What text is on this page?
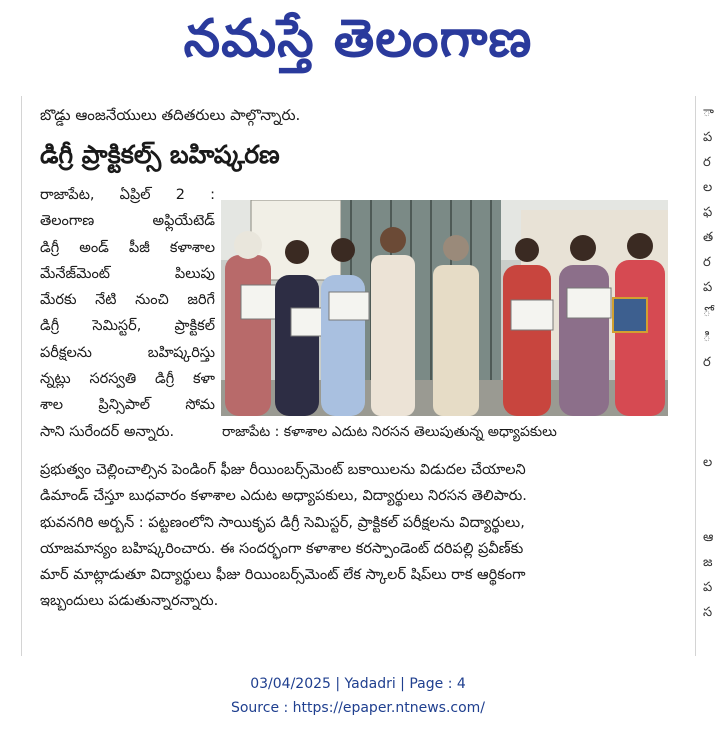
నమస్తే తెలంగాణ
ా
ప
ర
ల
ఫ
త
ర
ప
ో
ి
ర
ల
ఆ
జ
ప
స
బొడ్డు ఆంజనేయులు తదితరులు పాల్గొన్నారు.
డిగ్రీ ప్రాక్టికల్స్ బహిష్కరణ
రాజాపేట, ఏప్రిల్ 2 :
తెలంగాణ అఫ్లియేటెడ్
డిగ్రీ అండ్ పీజీ కళాశాల
మేనేజ్‌మెంట్ పిలుపు
మేరకు నేటి నుంచి జరిగే
డిగ్రీ సెమిస్టర్, ప్రాక్టికల్
పరీక్షలను బహిష్కరిస్తు
న్నట్లు సరస్వతి డిగ్రీ కళా
శాల ప్రిన్సిపాల్ సోమ
సాని సురేందర్ అన్నారు.	రాజాపేట : కళాశాల ఎదుట నిరసన తెలుపుతున్న అధ్యాపకులు
ప్రభుత్వం చెల్లించాల్సిన పెండింగ్ ఫీజు రీయింబర్స్‌మెంట్ బకాయిలను విడుదల చేయాలని
డిమాండ్ చేస్తూ బుధవారం కళాశాల ఎదుట అధ్యాపకులు, విద్యార్థులు నిరసన తెలిపారు.
భువనగిరి అర్బన్ : పట్టణంలోని సాయికృప డిగ్రీ సెమిస్టర్, ప్రాక్టికల్ పరీక్షలను విద్యార్థులు,
యాజమాన్యం బహిష్కరించారు. ఈ సందర్భంగా కళాశాల కరస్పాండెంట్ దరిపల్లి ప్రవీణ్‌కు
మార్ మాట్లాడుతూ విద్యార్థులు ఫీజు రియింబర్స్‌మెంట్ లేక స్కాలర్ షిప్‌లు రాక ఆర్థికంగా
ఇబ్బందులు పడుతున్నారన్నారు.
03/04/2025 | Yadadri | Page : 4
Source : https://epaper.ntnews.com/
